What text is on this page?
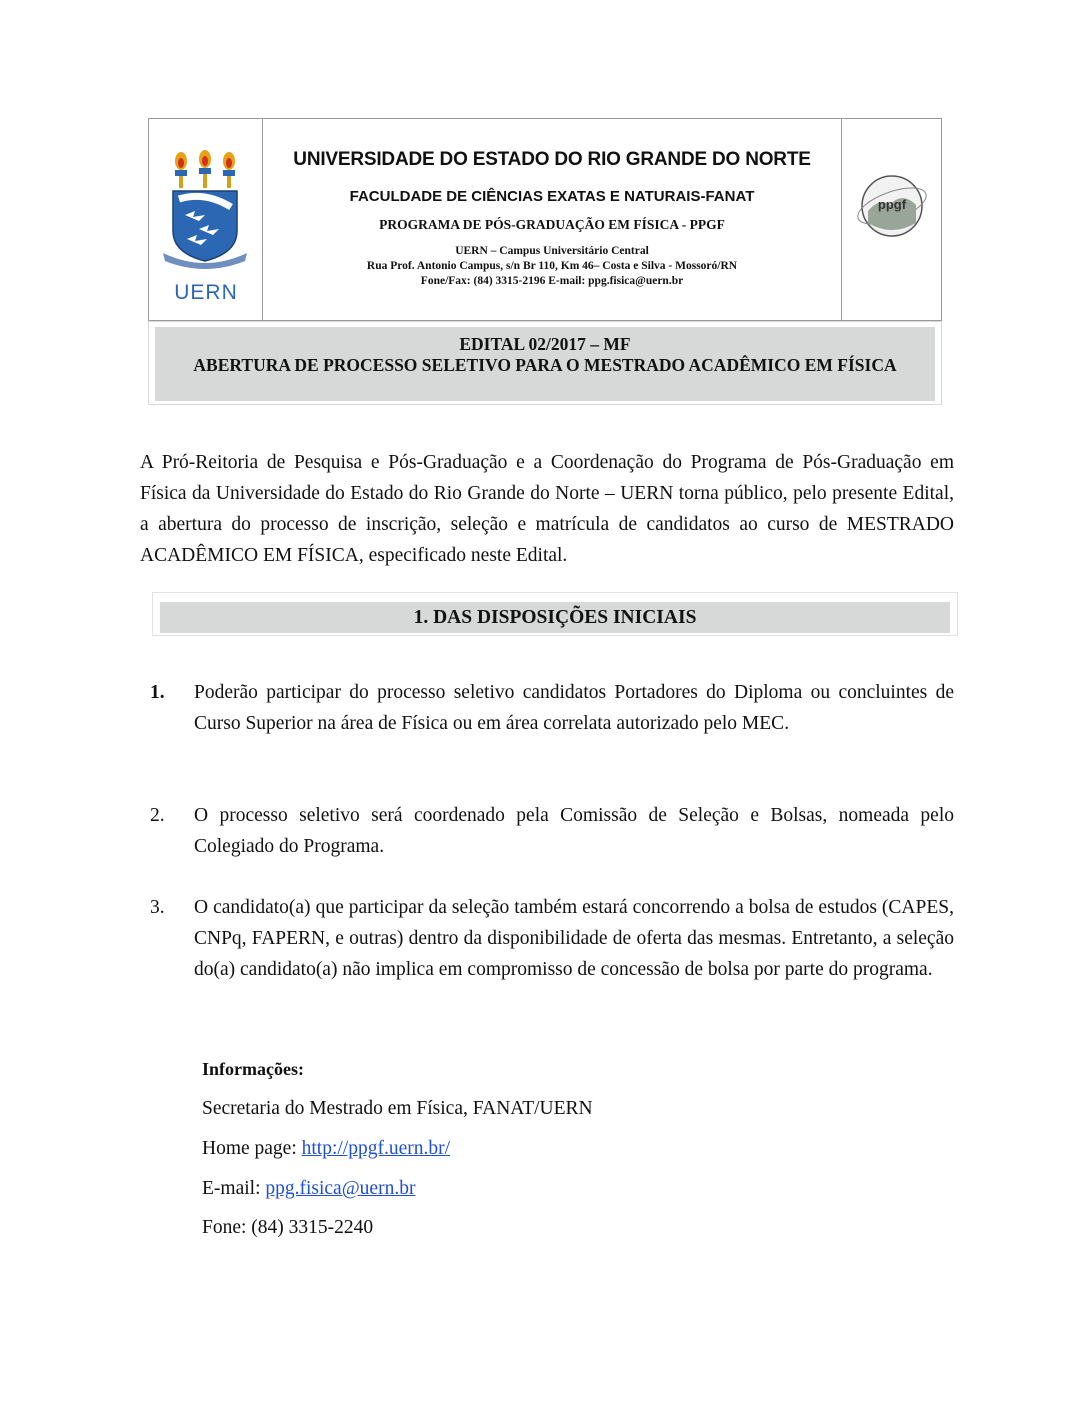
UERN
UNIVERSIDADE DO ESTADO DO RIO GRANDE DO NORTE
FACULDADE DE CIÊNCIAS EXATAS E NATURAIS-FANAT
PROGRAMA DE PÓS-GRADUAÇÃO EM FÍSICA - PPGF
UERN – Campus Universitário Central
Rua Prof. Antonio Campus, s/n Br 110, Km 46– Costa e Silva - Mossoró/RN
Fone/Fax: (84) 3315-2196 E-mail: ppg.fisica@uern.br
ppgf
EDITAL 02/2017 – MF
ABERTURA DE PROCESSO SELETIVO PARA O MESTRADO ACADÊMICO EM FÍSICA
A Pró-Reitoria de Pesquisa e Pós-Graduação e a Coordenação do Programa de Pós-Graduação em Física da Universidade do Estado do Rio Grande do Norte – UERN torna público, pelo presente Edital, a abertura do processo de inscrição, seleção e matrícula de candidatos ao curso de MESTRADO ACADÊMICO EM FÍSICA, especificado neste Edital.
1. DAS DISPOSIÇÕES INICIAIS
1.	Poderão participar do processo seletivo candidatos Portadores do Diploma ou concluintes de Curso Superior na área de Física ou em área correlata autorizado pelo MEC.
2.	O processo seletivo será coordenado pela Comissão de Seleção e Bolsas, nomeada pelo Colegiado do Programa.
3.	O candidato(a) que participar da seleção também estará concorrendo a bolsa de estudos (CAPES, CNPq, FAPERN, e outras) dentro da disponibilidade de oferta das mesmas. Entretanto, a seleção do(a) candidato(a) não implica em compromisso de concessão de bolsa por parte do programa.
Informações:
Secretaria do Mestrado em Física, FANAT/UERN
Home page: http://ppgf.uern.br/
E-mail: ppg.fisica@uern.br
Fone: (84) 3315-2240
